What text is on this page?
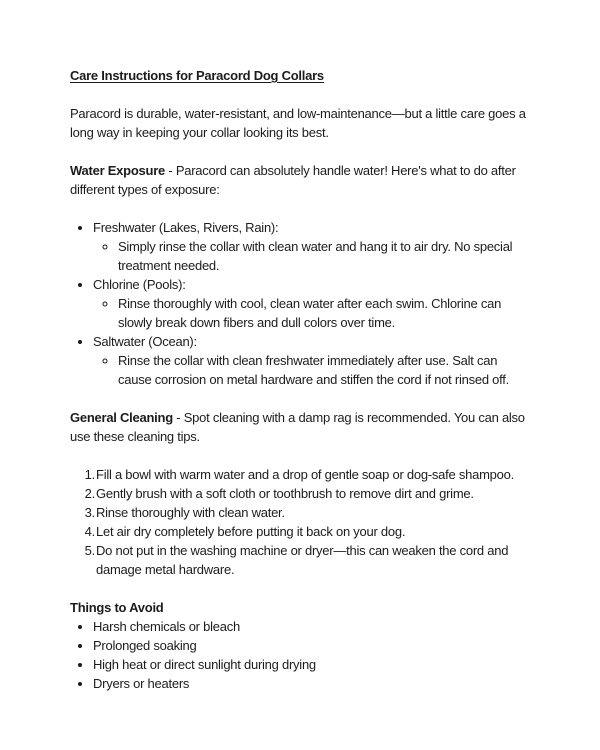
Care Instructions for Paracord Dog Collars

Paracord is durable, water-resistant, and low-maintenance—but a little care goes a long way in keeping your collar looking its best.

Water Exposure - Paracord can absolutely handle water! Here's what to do after different types of exposure:

• Freshwater (Lakes, Rivers, Rain):
◦ Simply rinse the collar with clean water and hang it to air dry. No special treatment needed.
• Chlorine (Pools):
◦ Rinse thoroughly with cool, clean water after each swim. Chlorine can slowly break down fibers and dull colors over time.
• Saltwater (Ocean):
◦ Rinse the collar with clean freshwater immediately after use. Salt can cause corrosion on metal hardware and stiffen the cord if not rinsed off.

General Cleaning - Spot cleaning with a damp rag is recommended. You can also use these cleaning tips.

Fill a bowl with warm water and a drop of gentle soap or dog-safe shampoo.
Gently brush with a soft cloth or toothbrush to remove dirt and grime.
Rinse thoroughly with clean water.
Let air dry completely before putting it back on your dog.
Do not put in the washing machine or dryer—this can weaken the cord and damage metal hardware.

Things to Avoid

• Harsh chemicals or bleach
• Prolonged soaking
• High heat or direct sunlight during drying
• Dryers or heaters
